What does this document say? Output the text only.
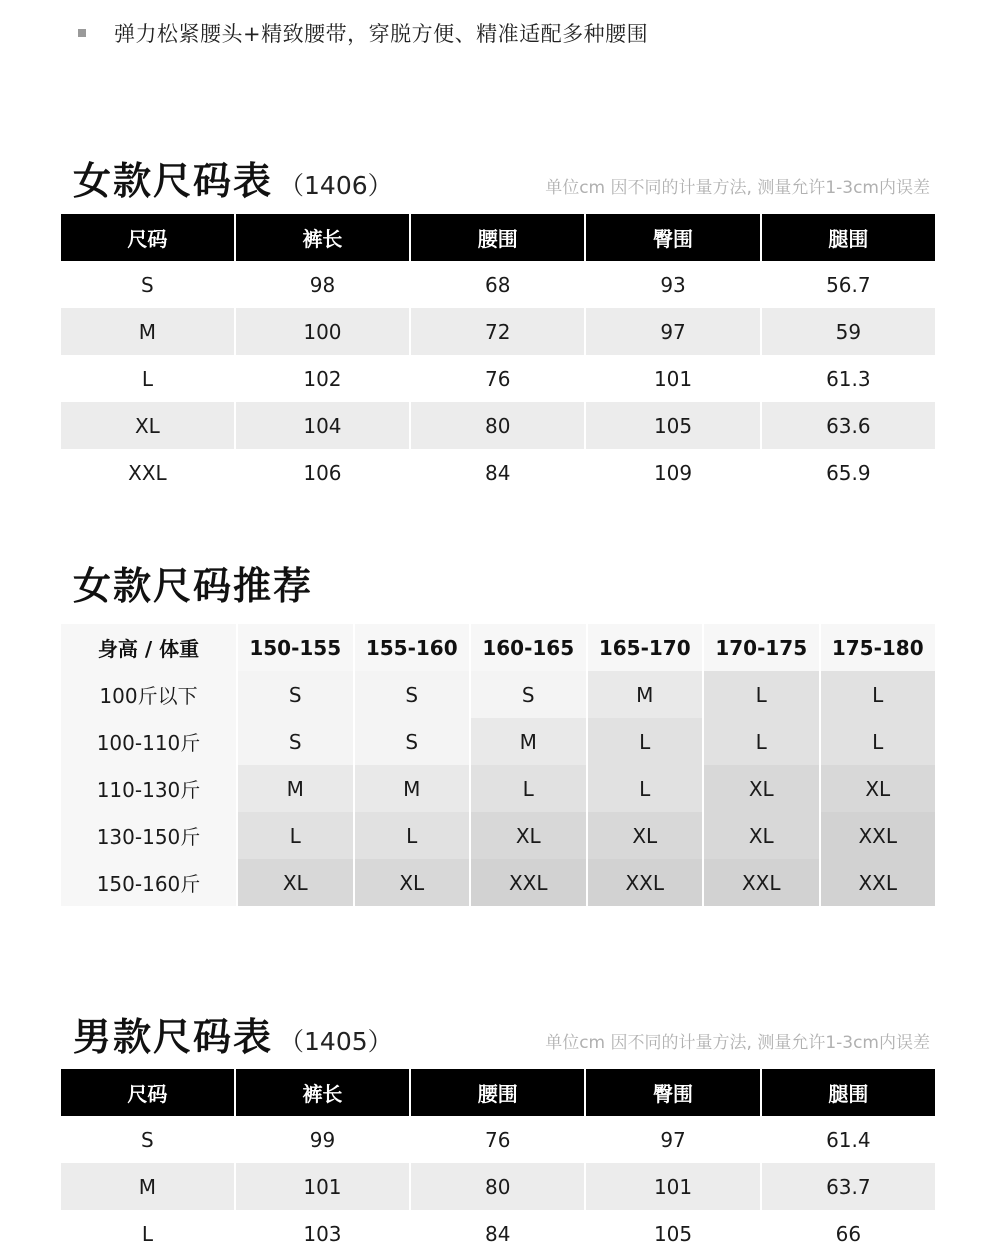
弹力松紧腰头+精致腰带，穿脱方便、精准适配多种腰围
女款尺码表 （1406）	单位cm 因不同的计量方法, 测量允许1-3cm内误差
尺码	裤长	腰围	臀围	腿围
S	98	68	93	56.7
M	100	72	97	59
L	102	76	101	61.3
XL	104	80	105	63.6
XXL	106	84	109	65.9
女款尺码推荐
身高 / 体重	150-155	155-160	160-165	165-170	170-175	175-180
100斤以下	S	S	S	M	L	L
100-110斤	S	S	M	L	L	L
110-130斤	M	M	L	L	XL	XL
130-150斤	L	L	XL	XL	XL	XXL
150-160斤	XL	XL	XXL	XXL	XXL	XXL
男款尺码表 （1405）	单位cm 因不同的计量方法, 测量允许1-3cm内误差
尺码	裤长	腰围	臀围	腿围
S	99	76	97	61.4
M	101	80	101	63.7
L	103	84	105	66
